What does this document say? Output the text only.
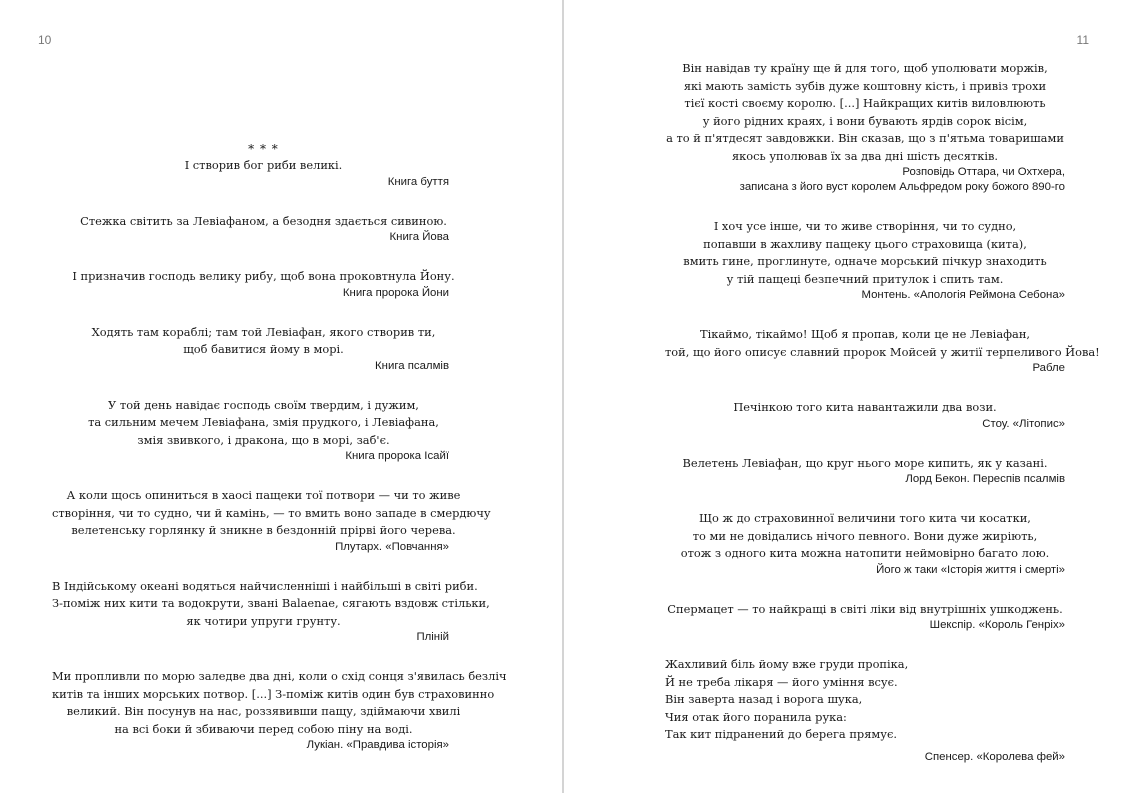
10
* * *
І створив бог риби великі.
Книга буття
Стежка світить за Левіафаном, а безодня здається сивиною.
Книга Йова
І призначив господь велику рибу, щоб вона проковтнула Йону.
Книга пророка Йони
Ходять там кораблі; там той Левіафан, якого створив ти,
щоб бавитися йому в морі.
Книга псалмів
У той день навідає господь своїм твердим, і дужим,
та сильним мечем Левіафана, змія прудкого, і Левіафана,
змія звивкого, і дракона, що в морі, заб'є.
Книга пророка Ісайї
А коли щось опиниться в хаосі пащеки тої потвори — чи то живе
створіння, чи то судно, чи й камінь, — то вмить воно западе в смердючу
велетенську горлянку й зникне в бездонній прірві його черева.
Плутарх. «Повчання»
В Індійському океані водяться найчисленніші і найбільші в світі риби.
З-поміж них кити та водокрути, звані Balaenae, сягають вздовж стільки,
як чотири упруги грунту.
Пліній
Ми пропливли по морю заледве два дні, коли о схід сонця з'явилась безліч
китів та інших морських потвор. [...] З-поміж китів один був страховинно
великий. Він посунув на нас, роззявивши пащу, здіймаючи хвилі
на всі боки й збиваючи перед собою піну на воді.
Лукіан. «Правдива історія»
11
Він навідав ту країну ще й для того, щоб уполювати моржів,
які мають замість зубів дуже коштовну кість, і привіз трохи
тієї кості своєму королю. [...] Найкращих китів виловлюють
у його рідних краях, і вони бувають ярдів сорок вісім,
а то й п'ятдесят завдовжки. Він сказав, що з п'ятьма товаришами
якось уполював їх за два дні шість десятків.
Розповідь Оттара, чи Охтхера,
записана з його вуст королем Альфредом року божого 890-го
І хоч усе інше, чи то живе створіння, чи то судно,
попавши в жахливу пащеку цього страховища (кита),
вмить гине, проглинуте, одначе морський пічкур знаходить
у тій пащеці безпечний притулок і спить там.
Монтень. «Апологія Реймона Себона»
Тікаймо, тікаймо! Щоб я пропав, коли це не Левіафан,
той, що його описує славний пророк Мойсей у житії терпеливого Йова!
Рабле
Печінкою того кита навантажили два вози.
Стоу. «Літопис»
Велетень Левіафан, що круг нього море кипить, як у казані.
Лорд Бекон. Переспів псалмів
Що ж до страховинної величини того кита чи косатки,
то ми не довідались нічого певного. Вони дуже жиріють,
отож з одного кита можна натопити неймовірно багато лою.
Його ж таки «Історія життя і смерті»
Спермацет — то найкращі в світі ліки від внутрішніх ушкоджень.
Шекспір. «Король Генріх»
Жахливий біль йому вже груди пропіка,
Й не треба лікаря — його уміння всує.
Він заверта назад і ворога шука,
Чия отак його поранила рука:
Так кит підранений до берега прямує.
Спенсер. «Королева фей»
